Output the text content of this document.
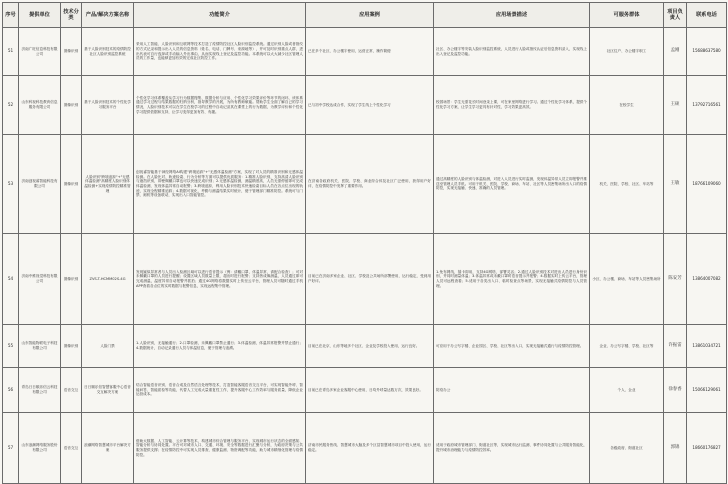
序号	提供单位	技术分类	产品/解决方案名称	功能简介	应用案例	应用场景描述	可服务群体	项目负责人	联系电话
51	济南广旺信息科技有限公司	图像识别	基于人脸识别技术的疫情防控社区人脸识别监控系统	采用人工智能、人脸识别和互联网等技术打造了疫情防控社区人脸识别监控系统。通过识别人脸或者指纹的方式记录和提示出入人员的信息资料（姓名、电话、门牌号、来源地等），并可及时识别重点人群，进出代表可自行选择或手动输入外出事由，从而实现线上登记及监控功能。本系统可以大大减少社区管理人员的工作量，也能够更加有效的完成社区防控工作。	已在多个社区、办公楼宇使用，运营正常，操作简便	社区、办公楼宇等安装人脸识别监控系统，人员进行人脸或指纹认证后信息资料录入，实现线上出入登记及监控功能。	社区住户、办公楼宇职工	孟刚	15688637580
52	山东科视科技教育信息服务有限公司	图像识别	基于人脸识别技术的个性化学习服务平台	个性化学习体系覆盖从学习行为数据搜集、数据分析与应用、个性化学习效果评价等环节的闭环，该体系通过学习过程与结果数据的归纳分析，指导教学的开展，为所有教师赋能。帮助学生全面了解自己的学习情况，人脸识别技术可以在学生在校学习的过程中自动记录其在课堂上的行为数据，为教学评价和个性化学习提供依据和支持，让学习变得更加有效、有趣。	已与初中学校达成合作，实现了学生线上个性化学习	校园场景：学生无需花长时间登录上课，可在家里网络进行学习。通过个性化学习体系，提供个性化学习方案，让学生学习更具有针对性，学习效果更高效。	在校学生	王硕	13792716561
53	济南创视睿智能科技有限公司	图像识别	人脸识别"跨境追踪"+"无感体温检测"高精度人脸识别体温检测+实现疫情防控精准管理	创视睿智能基于神经网络AI构建"跨境追踪"+"无感体温检测"方案，实现了对人员的精准识别和无感体温检测。在人脸比对、轨迹检索、行为分析等方面可以提供优质服务：1.精准人脸识别，支持高清人脸识别与遮挡识别，即使佩戴口罩也可以快速完成识别；2.无感体温检测，测温精度高，人员无需停留即可完成体温检测，发现体温异常自动报警；3.跨境追踪，利用人脸识别技术快速检索目标人员在各点位出现的轨迹，实现全程精准追踪；4.数据可视化，考勤与测温结果实时统计，便于管理部门精准防控。系统可与门禁、闸机等设备联动，实现出入口智能管控。	在济南各政府机关、医院、学校、商业综合体及社区广泛使用，获得用户好评，在疫情防控中发挥了重要作用。	通过高精度的人脸识别与体温检测，对进入人员进行实时监测，发现体温异常人员立即报警并推送至管理人员手机。可用于机关、医院、学校、商场、车站、社区等人员密集场所出入口的疫情防控，实现无接触、快速、准确的人员管理。	机关、医院、学校、社区、车站等	王敏	18766109060
54	济南中维视觉科技有限公司	图像识别	ZVS-T-HCMM02S-4G	发现疑似异常者与人员出入检测区域可以进行语音提示（例：请戴口罩，体温异常，请配合检查）；可对未佩戴口罩的人员进行提醒；设置区域人员数量上限，超出时进行报警；支持热成像测温，人员通过即可完成测温，温度异常自动报警并抓拍；通过4G网络将数据实时上传至云平台，管理人员可随时通过手机APP查看各点位的实时数据与报警信息，实现远程集中管理。	目前已在济南多家企业、社区、学校及公共场所部署使用，运行稳定，受到用户好评。	1.免布网线，插卡即用，支持4G网络，部署灵活；2.通过人脸识别技术对进出人员进行身份识别，并同时测量体温；3.体温异常或未戴口罩时语音提示并报警；4.数据实时上传云平台，管理人员可远程查看；5.适用于各类出入口、临时检查点等场景，实现无接触式疫情防控与人员管理。	小区、办公楼、商场、车站等人员密集场所	陈安芳	13864007082
55	山东智能物联电子科技有限公司	图像识别	人脸门禁	1.人脸识别，无接触通行；2.口罩检测，未佩戴口罩禁止通行；3.体温检测，体温异常报警并禁止通行；4.数据统计，自动记录通行人员与体温信息，便于管理与追溯。	目前已在北京、山东等地多个社区、企业及学校投入使用，运行良好。	可应用于办公写字楼、企业园区、学校、社区等出入口，实现无接触式通行与疫情防控管理。	企业、办公写字楼、学校、社区等	许振雷	13861034721
56	青岛日日顺乐信云科技有限公司	语音交互	日日顺乐信智慧客服中心语音交互解决方案	结合智能语音识别、语音合成及自然语言处理等技术，打造智能客服语音交互平台，可实现智能外呼、智能问答、智能质检等功能，代替人工完成大量重复性工作，提升客服中心工作效率与服务质量，降低企业运营成本。	目前已在青岛多家企业客服中心使用，日均外呼量达数万次，效果良好。	防疫办公	个人、企业	徐春香	15066129061
57	山东浪潮网络服务股份有限公司	语音交互	浪潮网络智慧城市平台解决方案	借助大数据、人工智能、云计算等技术，构建城市综合管理与服务平台，实现城市运行状态的全面感知、智能分析与协同处置。平台可对城市人口、交通、环境、安全等数据进行汇聚与分析，为政府决策与公共服务提供支撑；在疫情防控中可实现人员排查、健康监测、物资调配等功能，助力城市精细化管理与疫情防控。	济南市民服务热线、智慧城市大脑及多个区县智慧城市项目中投入使用，运行稳定。	适用于政府城市管理部门、街道社区等，实现城市运行监测、事件协同处置与公共服务智能化，提升城市治理能力与疫情防控效率。	各级政府、街道社区	郭锦	18660176827
